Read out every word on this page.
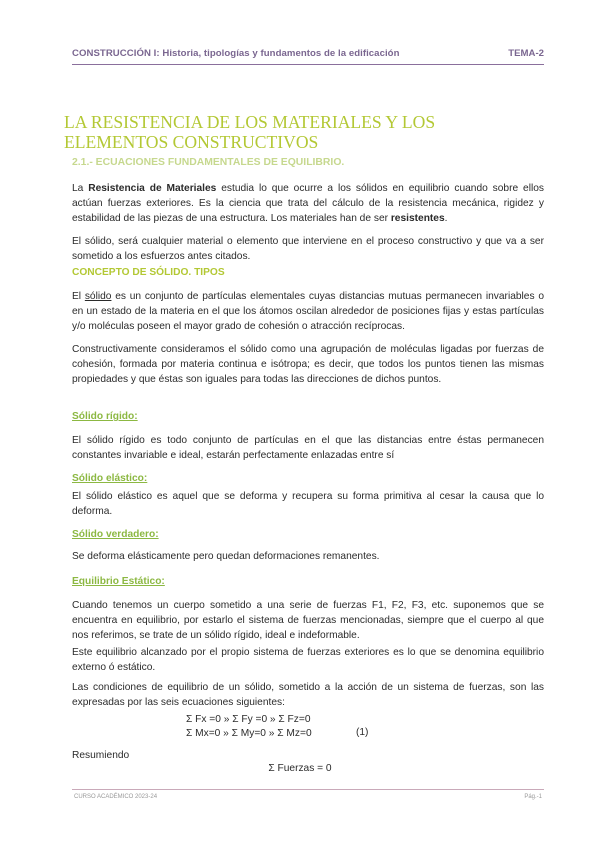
CONSTRUCCIÓN I: Historia, tipologías y fundamentos de la edificación	TEMA-2
LA RESISTENCIA DE LOS MATERIALES Y LOS ELEMENTOS CONSTRUCTIVOS
2.1.- ECUACIONES FUNDAMENTALES DE EQUILIBRIO.
La Resistencia de Materiales estudia lo que ocurre a los sólidos en equilibrio cuando sobre ellos actúan fuerzas exteriores. Es la ciencia que trata del cálculo de la resistencia mecánica, rigidez y estabilidad de las piezas de una estructura. Los materiales han de ser resistentes.
El sólido, será cualquier material o elemento que interviene en el proceso constructivo y que va a ser sometido a los esfuerzos antes citados.
CONCEPTO DE SÓLIDO. TIPOS
El sólido es un conjunto de partículas elementales cuyas distancias mutuas permanecen invariables o en un estado de la materia en el que los átomos oscilan alrededor de posiciones fijas y estas partículas y/o moléculas poseen el mayor grado de cohesión o atracción recíprocas.
Constructivamente consideramos el sólido como una agrupación de moléculas ligadas por fuerzas de cohesión, formada por materia continua e isótropa; es decir, que todos los puntos tienen las mismas propiedades y que éstas son iguales para todas las direcciones de dichos puntos.
Sólido rígido:
El sólido rígido es todo conjunto de partículas en el que las distancias entre éstas permanecen constantes invariable e ideal, estarán perfectamente enlazadas entre sí
Sólido elástico:
El sólido elástico es aquel que se deforma y recupera su forma primitiva al cesar la causa que lo deforma.
Sólido verdadero:
Se deforma elásticamente pero quedan deformaciones remanentes.
Equilibrio Estático:
Cuando tenemos un cuerpo sometido a una serie de fuerzas F1, F2, F3, etc. suponemos que se encuentra en equilibrio, por estarlo el sistema de fuerzas mencionadas, siempre que el cuerpo al que nos referimos, se trate de un sólido rígido, ideal e indeformable.
Este equilibrio alcanzado por el propio sistema de fuerzas exteriores es lo que se denomina equilibrio externo ó estático.
Las condiciones de equilibrio de un sólido, sometido a la acción de un sistema de fuerzas, son las expresadas por las seis ecuaciones siguientes:
Σ Fx =0 » Σ Fy =0 » Σ Fz=0
Σ Mx=0 » Σ My=0 » Σ Mz=0	(1)
Resumiendo
Σ Fuerzas = 0
CURSO ACADÉMICO 2023-24	Pág.-1
